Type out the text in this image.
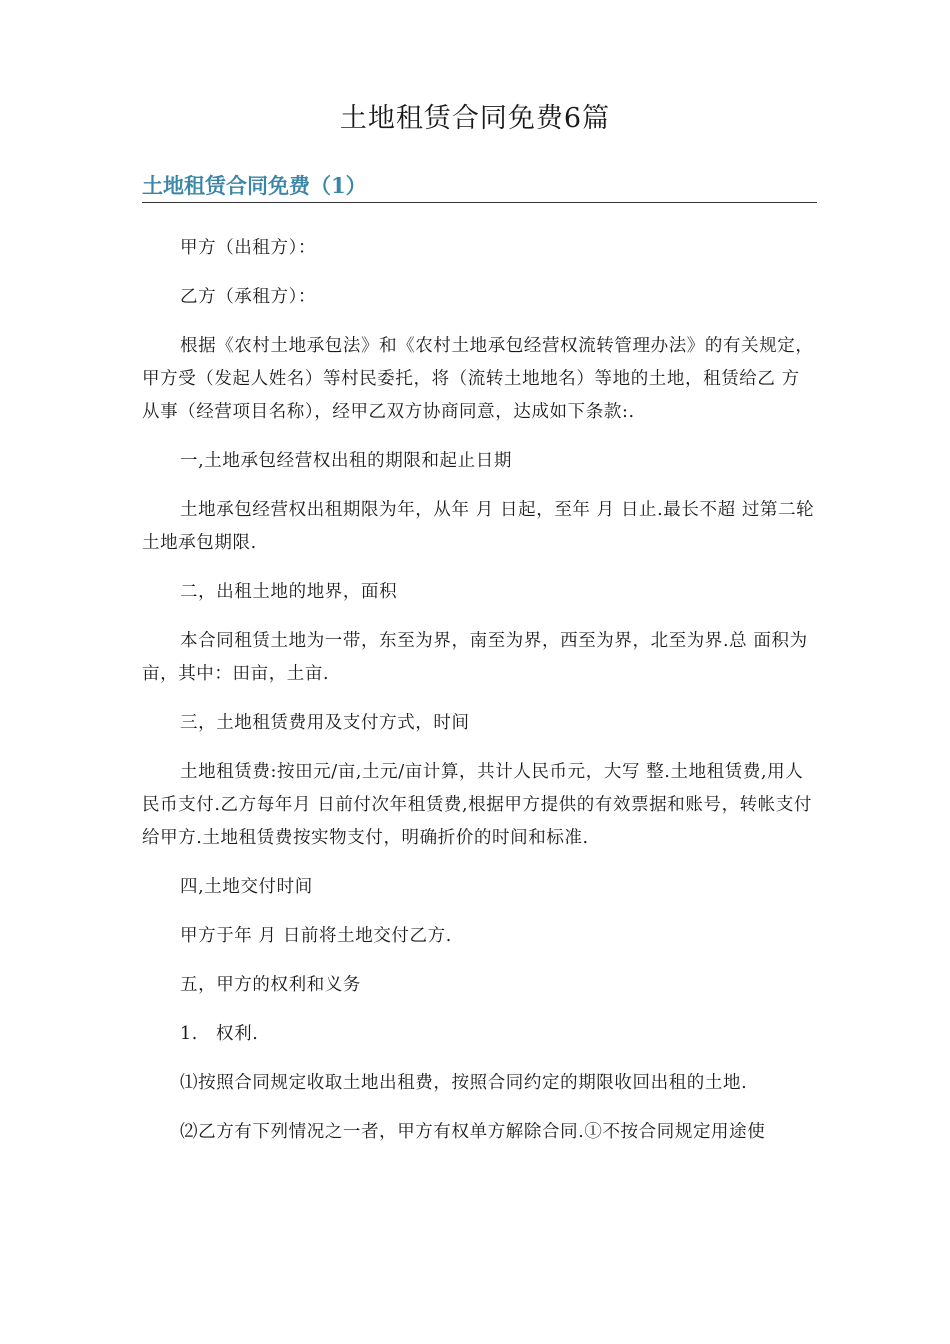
土地租赁合同免费6篇
土地租赁合同免费（1）

甲方（出租方）：

乙方（承租方）：

根据《农村土地承包法》和《农村土地承包经营权流转管理办法》的有关规定，甲方受（发起人姓名）等村民委托，将（流转土地地名）等地的土地，租赁给乙 方从事（经营项目名称），经甲乙双方协商同意，达成如下条款:.

一,土地承包经营权出租的期限和起止日期

土地承包经营权出租期限为年，从年 月 日起，至年 月 日止.最长不超 过第二轮土地承包期限.

二，出租土地的地界，面积

本合同租赁土地为一带，东至为界，南至为界，西至为界，北至为界.总 面积为 亩，其中：田亩，土亩.

三，土地租赁费用及支付方式，时间

土地租赁费:按田元/亩,土元/亩计算，共计人民币元，大写 整.土地租赁费,用人民币支付.乙方每年月 日前付次年租赁费,根据甲方提供的有效票据和账号，转帐支付给甲方.土地租赁费按实物支付，明确折价的时间和标准.

四,土地交付时间

甲方于年 月 日前将土地交付乙方.

五，甲方的权利和义务

1.　权利.

⑴按照合同规定收取土地出租费，按照合同约定的期限收回出租的土地.

⑵乙方有下列情况之一者，甲方有权单方解除合同.①不按合同规定用途使
